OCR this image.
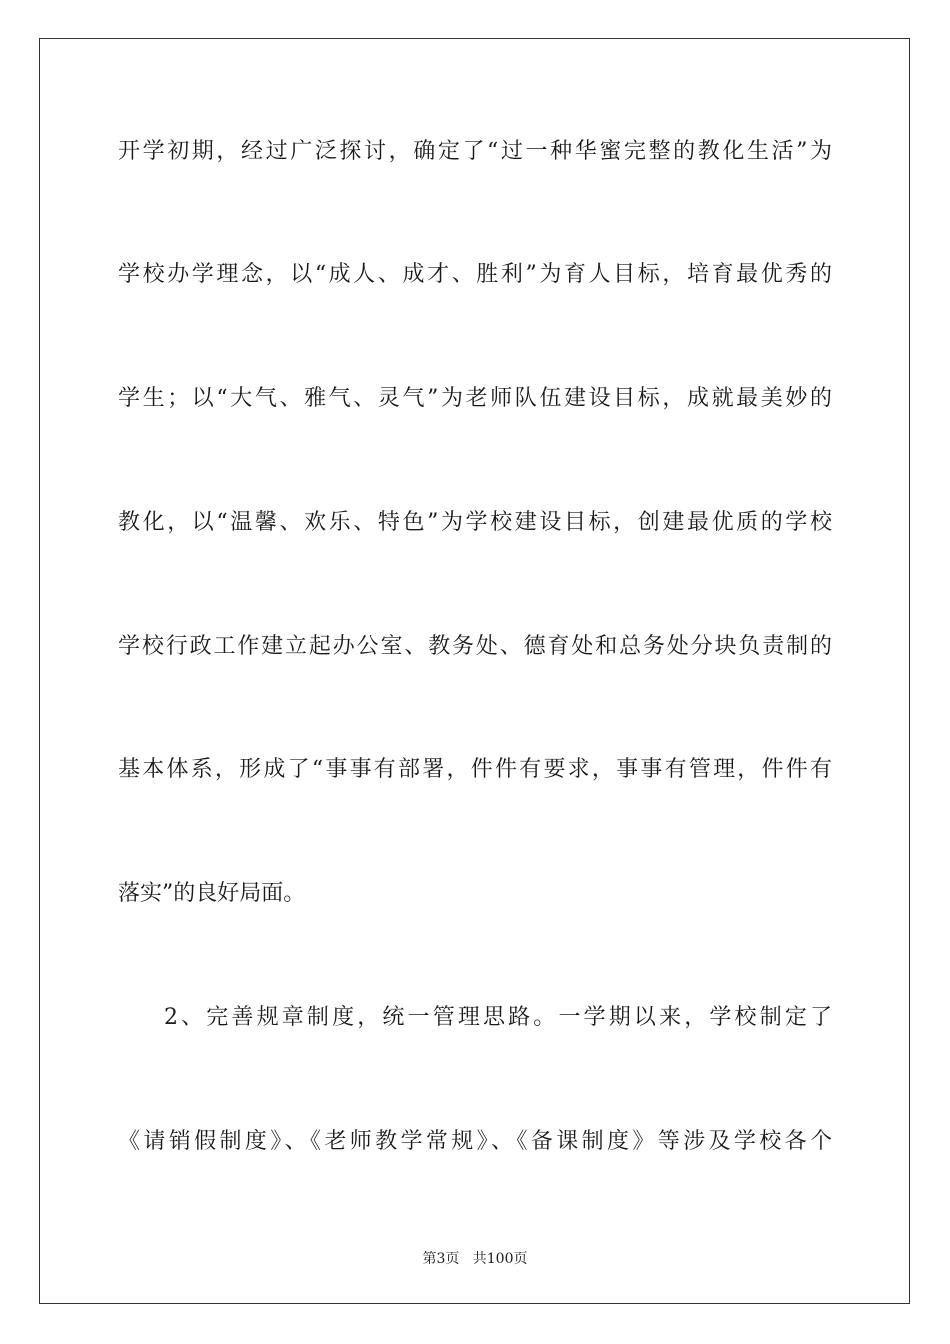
开学初期，经过广泛探讨，确定了“过一种华蜜完整的教化生活”为

学校办学理念，以“成人、成才、胜利”为育人目标，培育最优秀的

学生；以“大气、雅气、灵气”为老师队伍建设目标，成就最美妙的

教化，以“温馨、欢乐、特色”为学校建设目标，创建最优质的学校

学校行政工作建立起办公室、教务处、德育处和总务处分块负责制的

基本体系，形成了“事事有部署，件件有要求，事事有管理，件件有

落实”的良好局面。

2、完善规章制度，统一管理思路。一学期以来，学校制定了

《请销假制度》、《老师教学常规》、《备课制度》等涉及学校各个

第3页 共100页
